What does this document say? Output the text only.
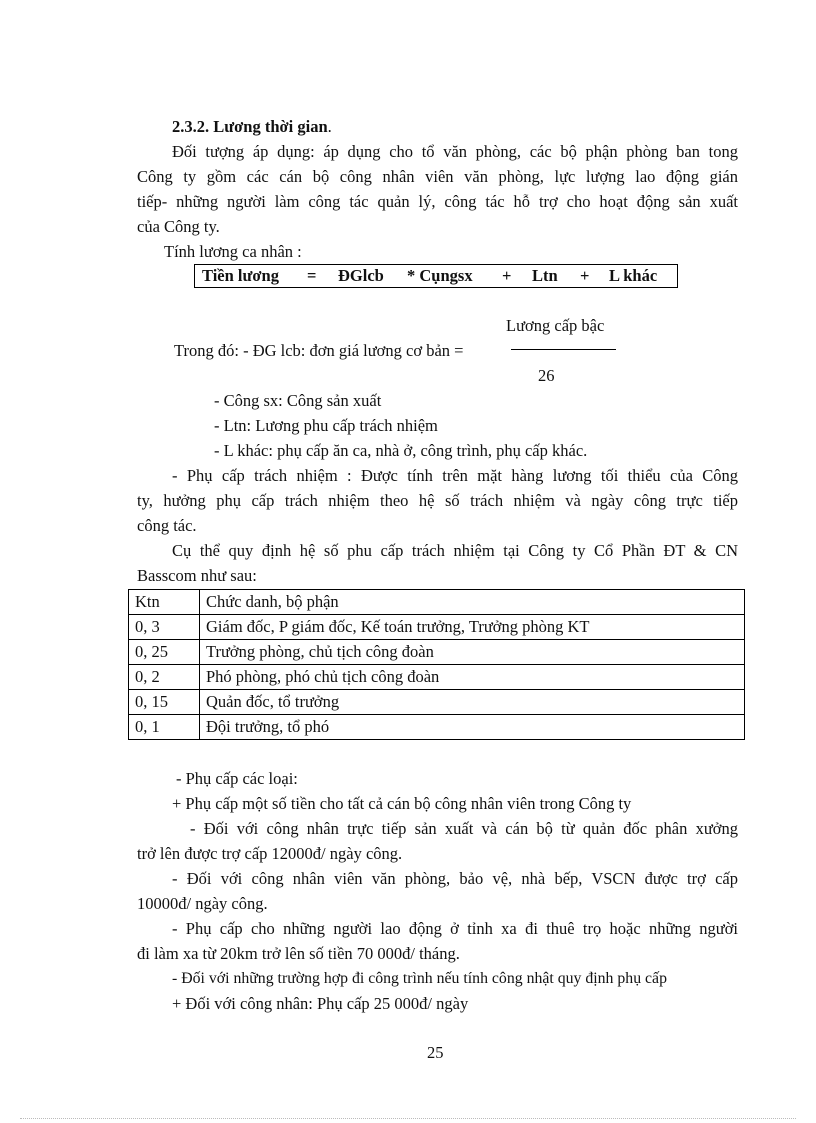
2.3.2. Lương thời gian.
Đối tượng áp dụng: áp dụng cho tổ văn phòng, các bộ phận phòng ban tong
Công ty gồm các cán bộ công nhân viên văn phòng, lực lượng lao động gián
tiếp- những người làm công tác quản lý, công tác hỗ trợ cho hoạt động sản xuất
của Công ty.
Tính lương ca nhân :
Tiền lương = ĐGlcb * Cụngsx + Ltn + L khác
Lương cấp bậc
Trong đó: - ĐG lcb: đơn giá lương cơ bản =
26
- Công sx: Công sản xuất
- Ltn: Lương phu cấp trách nhiệm
- L khác: phụ cấp ăn ca, nhà ở, công trình, phụ cấp khác.
- Phụ cấp trách nhiệm : Được tính trên mặt hàng lương tối thiểu của Công
ty, hưởng phụ cấp trách nhiệm theo hệ số trách nhiệm và ngày công trực tiếp
công tác.
Cụ thể quy định hệ số phu cấp trách nhiệm tại Công ty Cổ Phần ĐT & CN
Basscom như sau:
Ktn	Chức danh, bộ phận
0, 3	Giám đốc, P giám đốc, Kế toán trưởng, Trưởng phòng KT
0, 25	Trưởng phòng, chủ tịch công đoàn
0, 2	Phó phòng, phó chủ tịch công đoàn
0, 15	Quản đốc, tổ trưởng
0, 1	Đội trưởng, tổ phó
- Phụ cấp các loại:
+ Phụ cấp một số tiền cho tất cả cán bộ công nhân viên trong Công ty
- Đối với công nhân trực tiếp sản xuất và cán bộ từ quản đốc phân xưởng
trở lên được trợ cấp 12000đ/ ngày công.
- Đối với công nhân viên văn phòng, bảo vệ, nhà bếp, VSCN được trợ cấp
10000đ/ ngày công.
- Phụ cấp cho những người lao động ở tỉnh xa đi thuê trọ hoặc những người
đi làm xa từ 20km trở lên số tiền 70 000đ/ tháng.
- Đối với những trường hợp đi công trình nếu tính công nhật quy định phụ cấp
+ Đối với công nhân: Phụ cấp 25 000đ/ ngày
25
